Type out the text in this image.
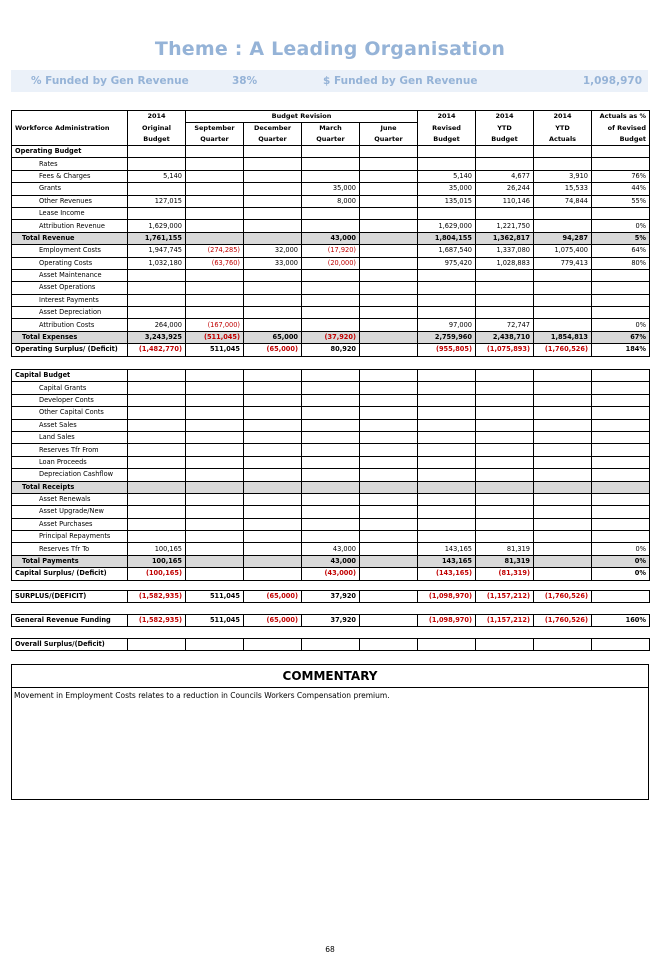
Theme : A Leading Organisation
% Funded by Gen Revenue	38%	$ Funded by Gen Revenue	1,098,970
	2014	Budget Revision				2014	2014	2014	Actuals as %
Workforce Administration	Original	September	December	March	June	Revised	YTD	YTD	of Revised
	Budget	Quarter	Quarter	Quarter	Quarter	Budget	Budget	Actuals	Budget
Operating Budget									
Rates									
Fees & Charges	5,140					5,140	4,677	3,910	76%
Grants				35,000		35,000	26,244	15,533	44%
Other Revenues	127,015			8,000		135,015	110,146	74,844	55%
Lease Income									
Attribution Revenue	1,629,000					1,629,000	1,221,750		0%
Total Revenue	1,761,155			43,000		1,804,155	1,362,817	94,287	5%
Employment Costs	1,947,745	(274,285)	32,000	(17,920)		1,687,540	1,337,080	1,075,400	64%
Operating Costs	1,032,180	(63,760)	33,000	(20,000)		975,420	1,028,883	779,413	80%
Asset Maintenance									
Asset Operations									
Interest Payments									
Asset Depreciation									
Attribution Costs	264,000	(167,000)				97,000	72,747		0%
Total Expenses	3,243,925	(511,045)	65,000	(37,920)		2,759,960	2,438,710	1,854,813	67%
Operating Surplus/ (Deficit)	(1,482,770)	511,045	(65,000)	80,920		(955,805)	(1,075,893)	(1,760,526)	184%
Capital Budget									
Capital Grants									
Developer Conts									
Other Capital Conts									
Asset Sales									
Land Sales									
Reserves Tfr From									
Loan Proceeds									
Depreciation Cashflow									
Total Receipts									
Asset Renewals									
Asset Upgrade/New									
Asset Purchases									
Principal Repayments									
Reserves Tfr To	100,165			43,000		143,165	81,319		0%
Total Payments	100,165			43,000		143,165	81,319		0%
Capital Surplus/ (Deficit)	(100,165)			(43,000)		(143,165)	(81,319)		0%
SURPLUS/(DEFICIT)	(1,582,935)	511,045	(65,000)	37,920		(1,098,970)	(1,157,212)	(1,760,526)	
General Revenue Funding	(1,582,935)	511,045	(65,000)	37,920		(1,098,970)	(1,157,212)	(1,760,526)	160%
Overall Surplus/(Deficit)									
COMMENTARY
Movement in Employment Costs relates to a reduction in Councils Workers Compensation premium.
68
